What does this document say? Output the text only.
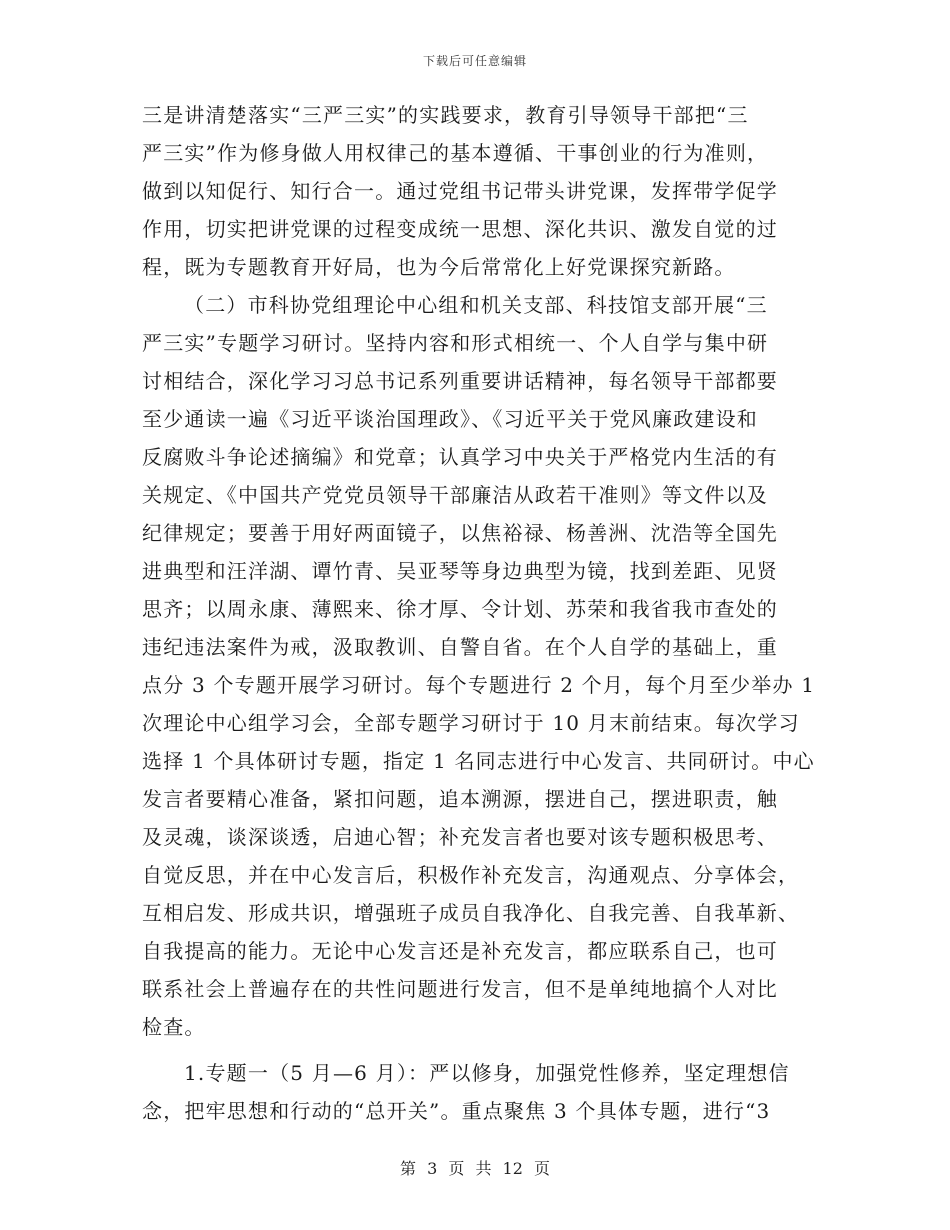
下载后可任意编辑
三是讲清楚落实“三严三实”的实践要求，教育引导领导干部把“三
严三实”作为修身做人用权律己的基本遵循、干事创业的行为准则，
做到以知促行、知行合一。通过党组书记带头讲党课，发挥带学促学
作用，切实把讲党课的过程变成统一思想、深化共识、激发自觉的过
程，既为专题教育开好局，也为今后常常化上好党课探究新路。
（二）市科协党组理论中心组和机关支部、科技馆支部开展“三
严三实”专题学习研讨。坚持内容和形式相统一、个人自学与集中研
讨相结合，深化学习习总书记系列重要讲话精神，每名领导干部都要
至少通读一遍《习近平谈治国理政》、《习近平关于党风廉政建设和
反腐败斗争论述摘编》和党章；认真学习中央关于严格党内生活的有
关规定、《中国共产党党员领导干部廉洁从政若干准则》等文件以及
纪律规定；要善于用好两面镜子，以焦裕禄、杨善洲、沈浩等全国先
进典型和汪洋湖、谭竹青、吴亚琴等身边典型为镜，找到差距、见贤
思齐；以周永康、薄熙来、徐才厚、令计划、苏荣和我省我市查处的
违纪违法案件为戒，汲取教训、自警自省。在个人自学的基础上，重
点分 3 个专题开展学习研讨。每个专题进行 2 个月，每个月至少举办 1
次理论中心组学习会，全部专题学习研讨于 10 月末前结束。每次学习
选择 1 个具体研讨专题，指定 1 名同志进行中心发言、共同研讨。中心
发言者要精心准备，紧扣问题，追本溯源，摆进自己，摆进职责，触
及灵魂，谈深谈透，启迪心智；补充发言者也要对该专题积极思考、
自觉反思，并在中心发言后，积极作补充发言，沟通观点、分享体会，
互相启发、形成共识，增强班子成员自我净化、自我完善、自我革新、
自我提高的能力。无论中心发言还是补充发言，都应联系自己，也可
联系社会上普遍存在的共性问题进行发言，但不是单纯地搞个人对比
检查。
1.专题一（5 月—6 月）：严以修身，加强党性修养，坚定理想信
念，把牢思想和行动的“总开关”。重点聚焦 3 个具体专题，进行“3
第 3 页 共 12 页
